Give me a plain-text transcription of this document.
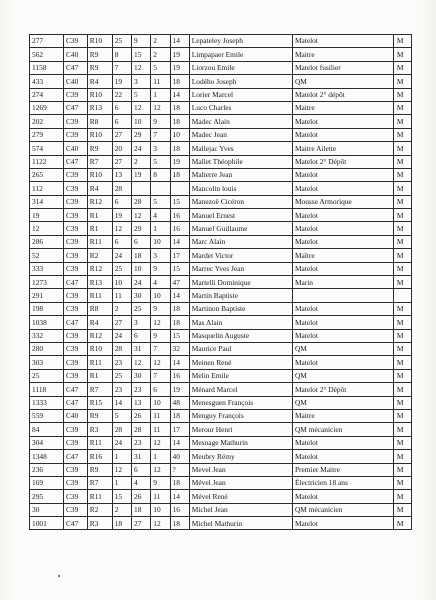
277	C39	R10	25	9	2	14	Lepateley Joseph	Matelot	M
562	C40	R9	8	15	2	19	Limpapaer Emile	Maitre	M
1158	C47	R9	7	12	5	19	Liorzou Emile	Matelot fusilier	M
433	C40	R4	19	3	11	18	Lodého Joseph	QM	M
274	C39	R10	22	5	1	14	Lorier Marcel	Matelot 2° dépôt	M
1269	C47	R13	6	12	12	18	Luco Charles	Maitre	M
202	C39	R8	6	10	9	18	Madec Alain	Matelot	M
279	C39	R10	27	29	7	10	Madec Jean	Matelot	M
574	C40	R9	20	24	3	18	Mallejac Yves	Maitre Ailette	M
1122	C47	R7	27	2	5	19	Mallet Théophile	Matelot 2° Dépôt	M
265	C39	R10	13	19	8	18	Malterre Jean	Matelot	M
112	C39	R4	28				Mancolin louis	Matelot	M
314	C39	R12	6	28	5	15	Manezoë Cicéron	Mousse Armorique	M
19	C39	R1	19	12	4	16	Manuel Ernest	Matelot	M
12	C39	R1	12	29	1	16	Manuel Guillaume	Matelot	M
286	C39	R11	6	6	10	14	Marc Alain	Matelot	M
52	C39	R2	24	18	3	17	Mardet Victor	Maître	M
333	C39	R12	25	10	9	15	Marrec Yves Jean	Matelot	M
1273	C47	R13	10	24	4	47	Martelli Dominique	Marin	M
291	C39	R11	11	30	10	14	Martin Baptiste		
198	C39	R8	2	25	9	18	Martinon Baptiste	Matelot	M
1038	C47	R4	27	3	12	18	Mas Alain	Matelot	M
332	C39	R12	24	6	9	15	Masquelin Auguste	Matelot	M
280	C39	R10	28	31	7	32	Maurice Paul	QM	M
303	C39	R11	23	12	12	14	Meinen René	Matelot	M
25	C39	R1	25	30	7	16	Melin Emile	QM	M
1118	C47	R7	23	23	6	19	Ménard Marcel	Matelot 2° Dépôt	M
1333	C47	R15	14	13	10	48	Menesguen François	QM	M
559	C40	R9	5	26	11	18	Menguy François	Maitre	M
84	C39	R3	28	28	11	17	Merour Henri	QM mécanicien	M
304	C39	R11	24	23	12	14	Mesnage Mathurin	Matelot	M
1348	C47	R16	1	31	1	40	Meubry Rémy	Matelot	M
236	C39	R9	12	6	12	?	Mevel Jean	Premier Maitre	M
169	C39	R7	1	4	9	18	Mével Jean	Électricien 18 ans	M
295	C39	R11	15	26	11	14	Mével René	Matelot	M
30	C39	R2	2	18	10	16	Michel Jean	QM mécanicien	M
1001	C47	R3	18	27	12	18	Michel Mathurin	Matelot	M
